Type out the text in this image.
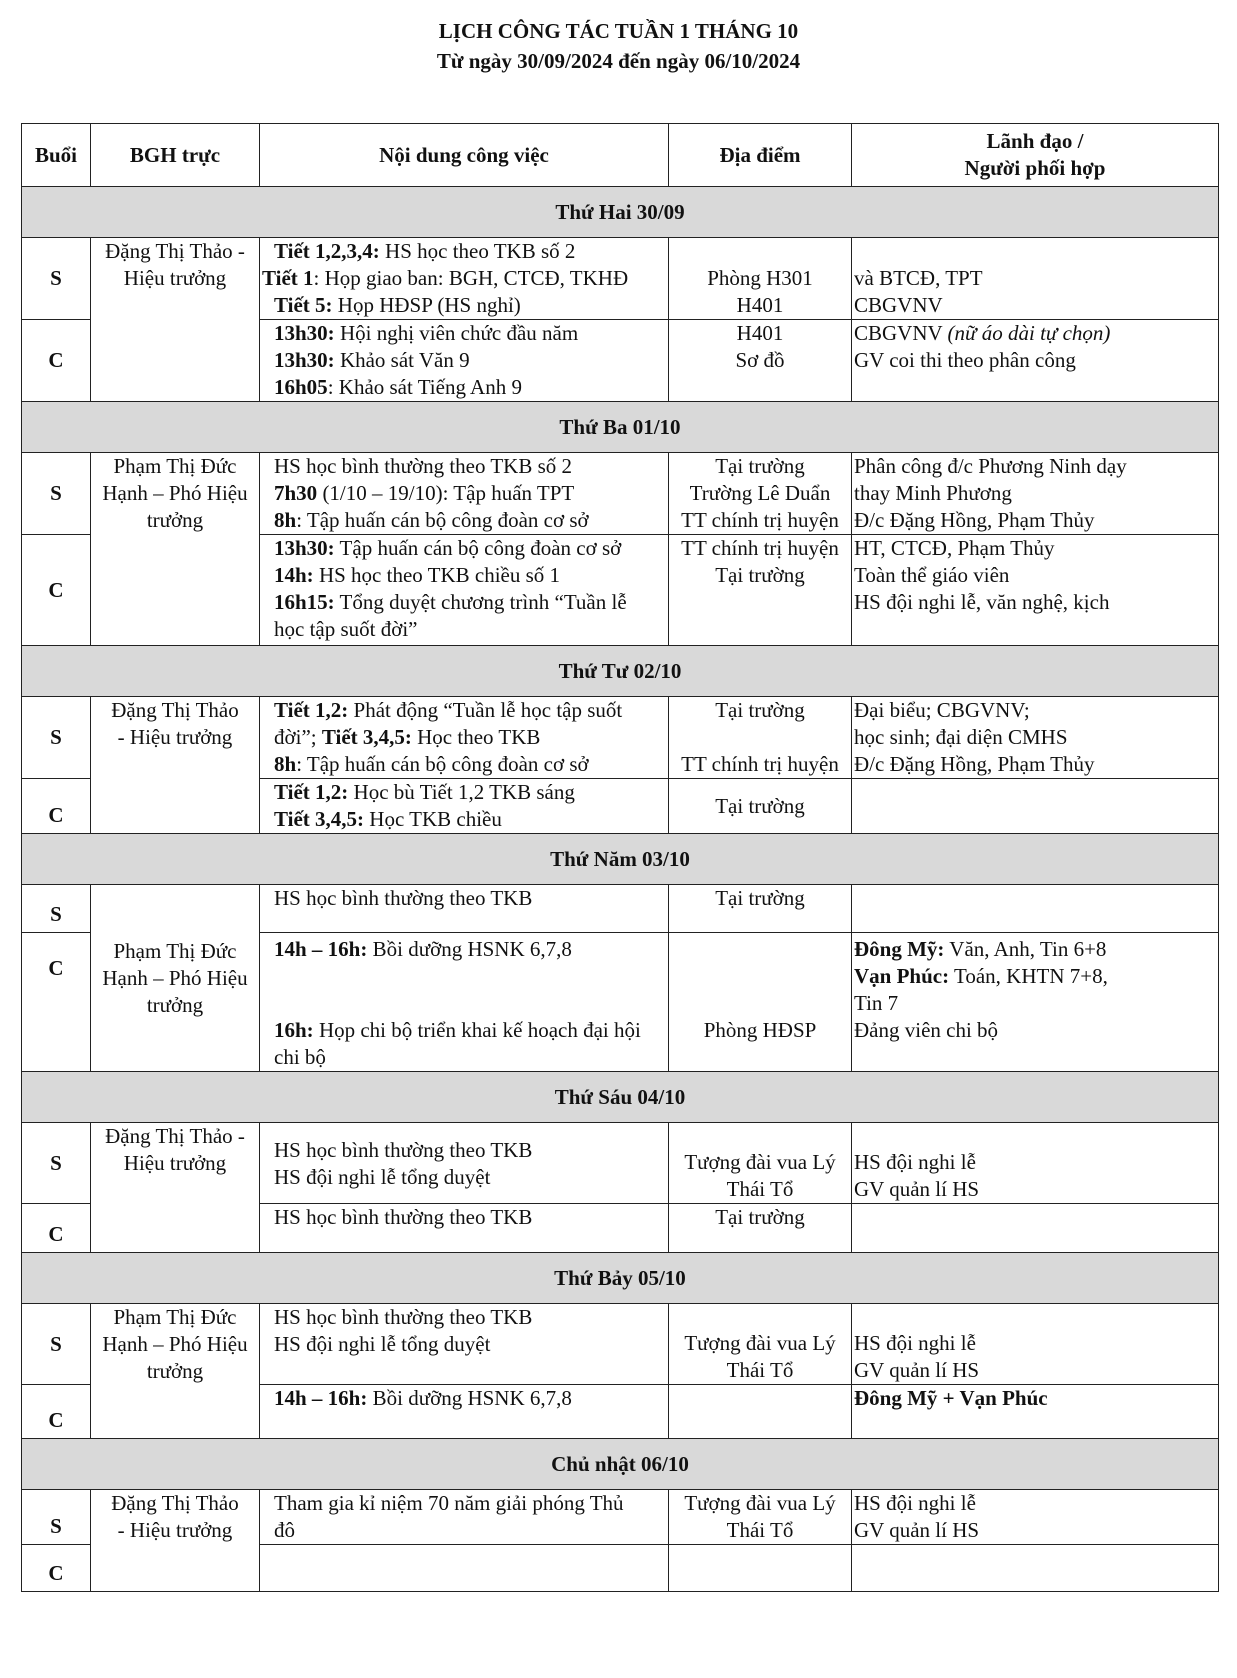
LỊCH CÔNG TÁC TUẦN 1 THÁNG 10
Từ ngày 30/09/2024 đến ngày 06/10/2024
Buổi	BGH trực	Nội dung công việc	Địa điểm	Lãnh đạo /
Người phối hợp

Thứ Hai 30/09				
S	Đặng Thị Thảo -
Hiệu trưởng	Tiết 1,2,3,4: HS học theo TKB số 2
Tiết 1: Họp giao ban: BGH, CTCĐ, TKHĐ
Tiết 5: Họp HĐSP (HS nghỉ)	Phòng H301
H401	và BTCĐ, TPT
CBGVNV

C		13h30: Hội nghị viên chức đầu năm
13h30: Khảo sát Văn 9
16h05: Khảo sát Tiếng Anh 9	H401
Sơ đồ	CBGVNV (nữ áo dài tự chọn)
GV coi thi theo phân công

Thứ Ba 01/10				
S	Phạm Thị Đức
Hạnh – Phó Hiệu
trưởng	HS học bình thường theo TKB số 2
7h30 (1/10 – 19/10): Tập huấn TPT
8h: Tập huấn cán bộ công đoàn cơ sở	Tại trường
Trường Lê Duẩn
TT chính trị huyện	Phân công đ/c Phương Ninh dạy
thay Minh Phương
Đ/c Đặng Hồng, Phạm Thủy

C		13h30: Tập huấn cán bộ công đoàn cơ sở
14h: HS học theo TKB chiều số 1
16h15: Tổng duyệt chương trình “Tuần lễ
học tập suốt đời”	TT chính trị huyện
Tại trường	HT, CTCĐ, Phạm Thủy
Toàn thể giáo viên
HS đội nghi lễ, văn nghệ, kịch

Thứ Tư 02/10				
S	Đặng Thị Thảo
- Hiệu trưởng	Tiết 1,2: Phát động “Tuần lễ học tập suốt
đời”; Tiết 3,4,5: Học theo TKB
8h: Tập huấn cán bộ công đoàn cơ sở	Tại trường

TT chính trị huyện	Đại biểu; CBGVNV;
học sinh; đại diện CMHS
Đ/c Đặng Hồng, Phạm Thủy

C		Tiết 1,2: Học bù Tiết 1,2 TKB sáng
Tiết 3,4,5: Học TKB chiều	Tại trường	
Thứ Năm 03/10				
S	Phạm Thị Đức
Hạnh – Phó Hiệu
trưởng	HS học bình thường theo TKB	Tại trường	
C		14h – 16h: Bồi dưỡng HSNK 6,7,8

16h: Họp chi bộ triển khai kế hoạch đại hội
chi bộ	Phòng HĐSP	Đông Mỹ: Văn, Anh, Tin 6+8
Vạn Phúc: Toán, KHTN 7+8,
Tin 7
Đảng viên chi bộ

Thứ Sáu 04/10				
S	Đặng Thị Thảo -
Hiệu trưởng	HS học bình thường theo TKB
HS đội nghi lễ tổng duyệt	Tượng đài vua Lý
Thái Tổ	HS đội nghi lễ
GV quản lí HS

C		HS học bình thường theo TKB	Tại trường	
Thứ Bảy 05/10				
S	Phạm Thị Đức
Hạnh – Phó Hiệu
trưởng	HS học bình thường theo TKB
HS đội nghi lễ tổng duyệt	Tượng đài vua Lý
Thái Tổ	HS đội nghi lễ
GV quản lí HS

C		14h – 16h: Bồi dưỡng HSNK 6,7,8		Đông Mỹ + Vạn Phúc

Chủ nhật 06/10				
S	Đặng Thị Thảo
- Hiệu trưởng	Tham gia kỉ niệm 70 năm giải phóng Thủ
đô	Tượng đài vua Lý
Thái Tổ	HS đội nghi lễ
GV quản lí HS

C				
